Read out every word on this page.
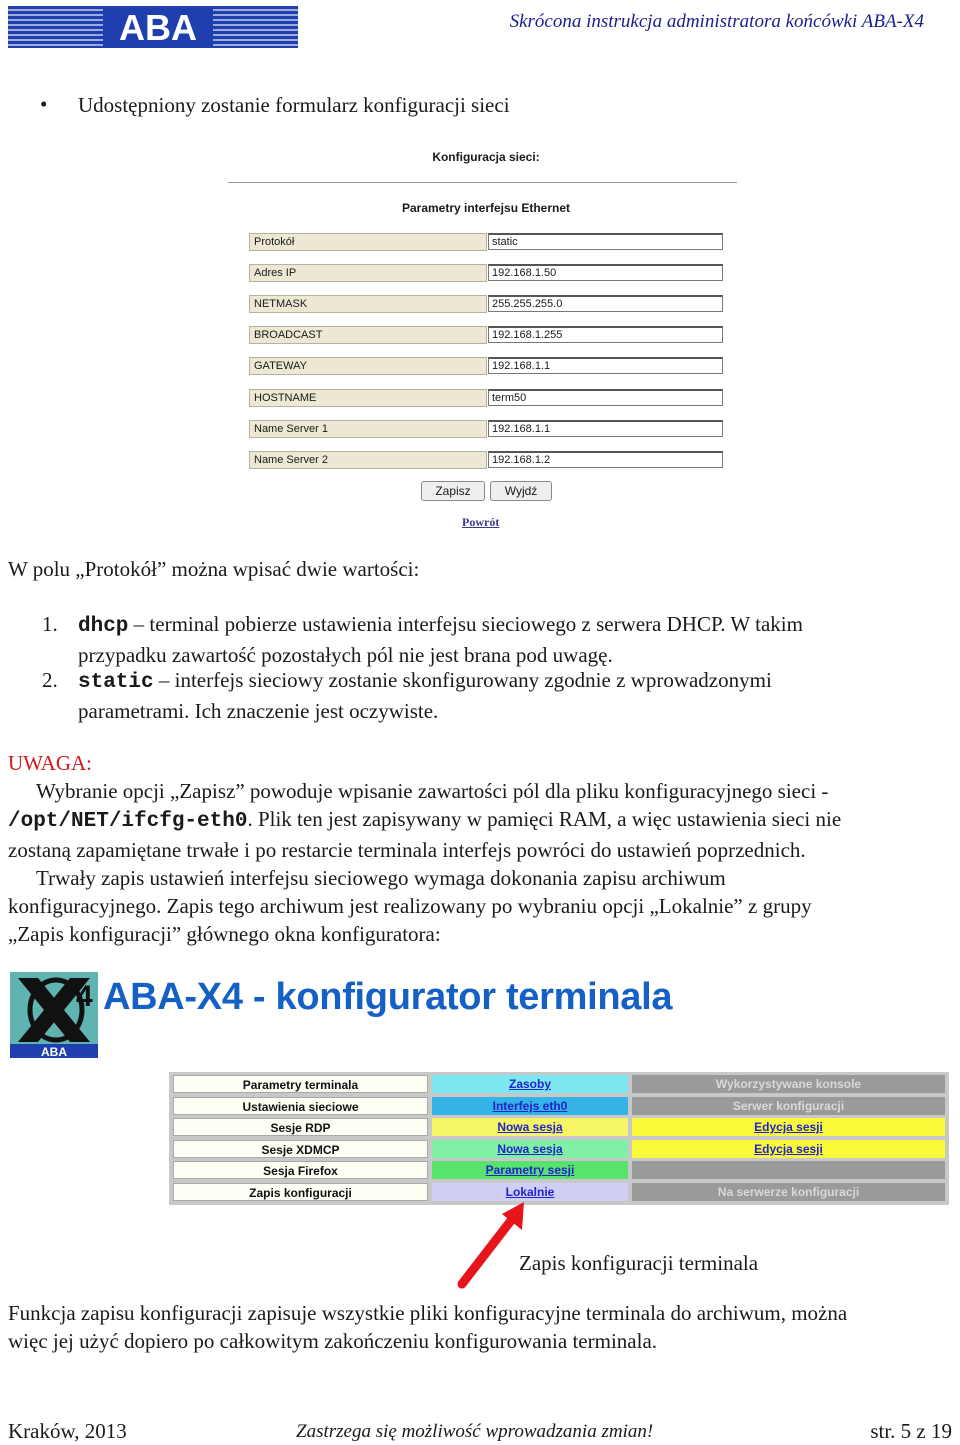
ABA	Skrócona instrukcja administratora końcówki ABA-X4
• Udostępniony zostanie formularz konfiguracji sieci
Konfiguracja sieci:
Parametry interfejsu Ethernet
Protokół	static
Adres IP	192.168.1.50
NETMASK	255.255.255.0
BROADCAST	192.168.1.255
GATEWAY	192.168.1.1
HOSTNAME	term50
Name Server 1	192.168.1.1
Name Server 2	192.168.1.2
Zapisz	Wyjdź
Powrót
W polu „Protokół” można wpisać dwie wartości:
1. dhcp – terminal pobierze ustawienia interfejsu sieciowego z serwera DHCP. W takim
przypadku zawartość pozostałych pól nie jest brana pod uwagę.
2. static – interfejs sieciowy zostanie skonfigurowany zgodnie z wprowadzonymi
parametrami. Ich znaczenie jest oczywiste.
UWAGA:
Wybranie opcji „Zapisz” powoduje wpisanie zawartości pól dla pliku konfiguracyjnego sieci -
/opt/NET/ifcfg-eth0. Plik ten jest zapisywany w pamięci RAM, a więc ustawienia sieci nie
zostaną zapamiętane trwałe i po restarcie terminala interfejs powróci do ustawień poprzednich.
Trwały zapis ustawień interfejsu sieciowego wymaga dokonania zapisu archiwum
konfiguracyjnego. Zapis tego archiwum jest realizowany po wybraniu opcji „Lokalnie” z grupy
„Zapis konfiguracji” głównego okna konfiguratora:
4
ABA
ABA-X4 - konfigurator terminala
Parametry terminala	Zasoby	Wykorzystywane konsole
Ustawienia sieciowe	Interfejs eth0	Serwer konfiguracji
Sesje RDP	Nowa sesja	Edycja sesji
Sesje XDMCP	Nowa sesja	Edycja sesji
Sesja Firefox	Parametry sesji
Zapis konfiguracji	Lokalnie	Na serwerze konfiguracji
Zapis konfiguracji terminala
Funkcja zapisu konfiguracji zapisuje wszystkie pliki konfiguracyjne terminala do archiwum, można
więc jej użyć dopiero po całkowitym zakończeniu konfigurowania terminala.
Kraków, 2013	Zastrzega się możliwość wprowadzania zmian!	str. 5 z 19
